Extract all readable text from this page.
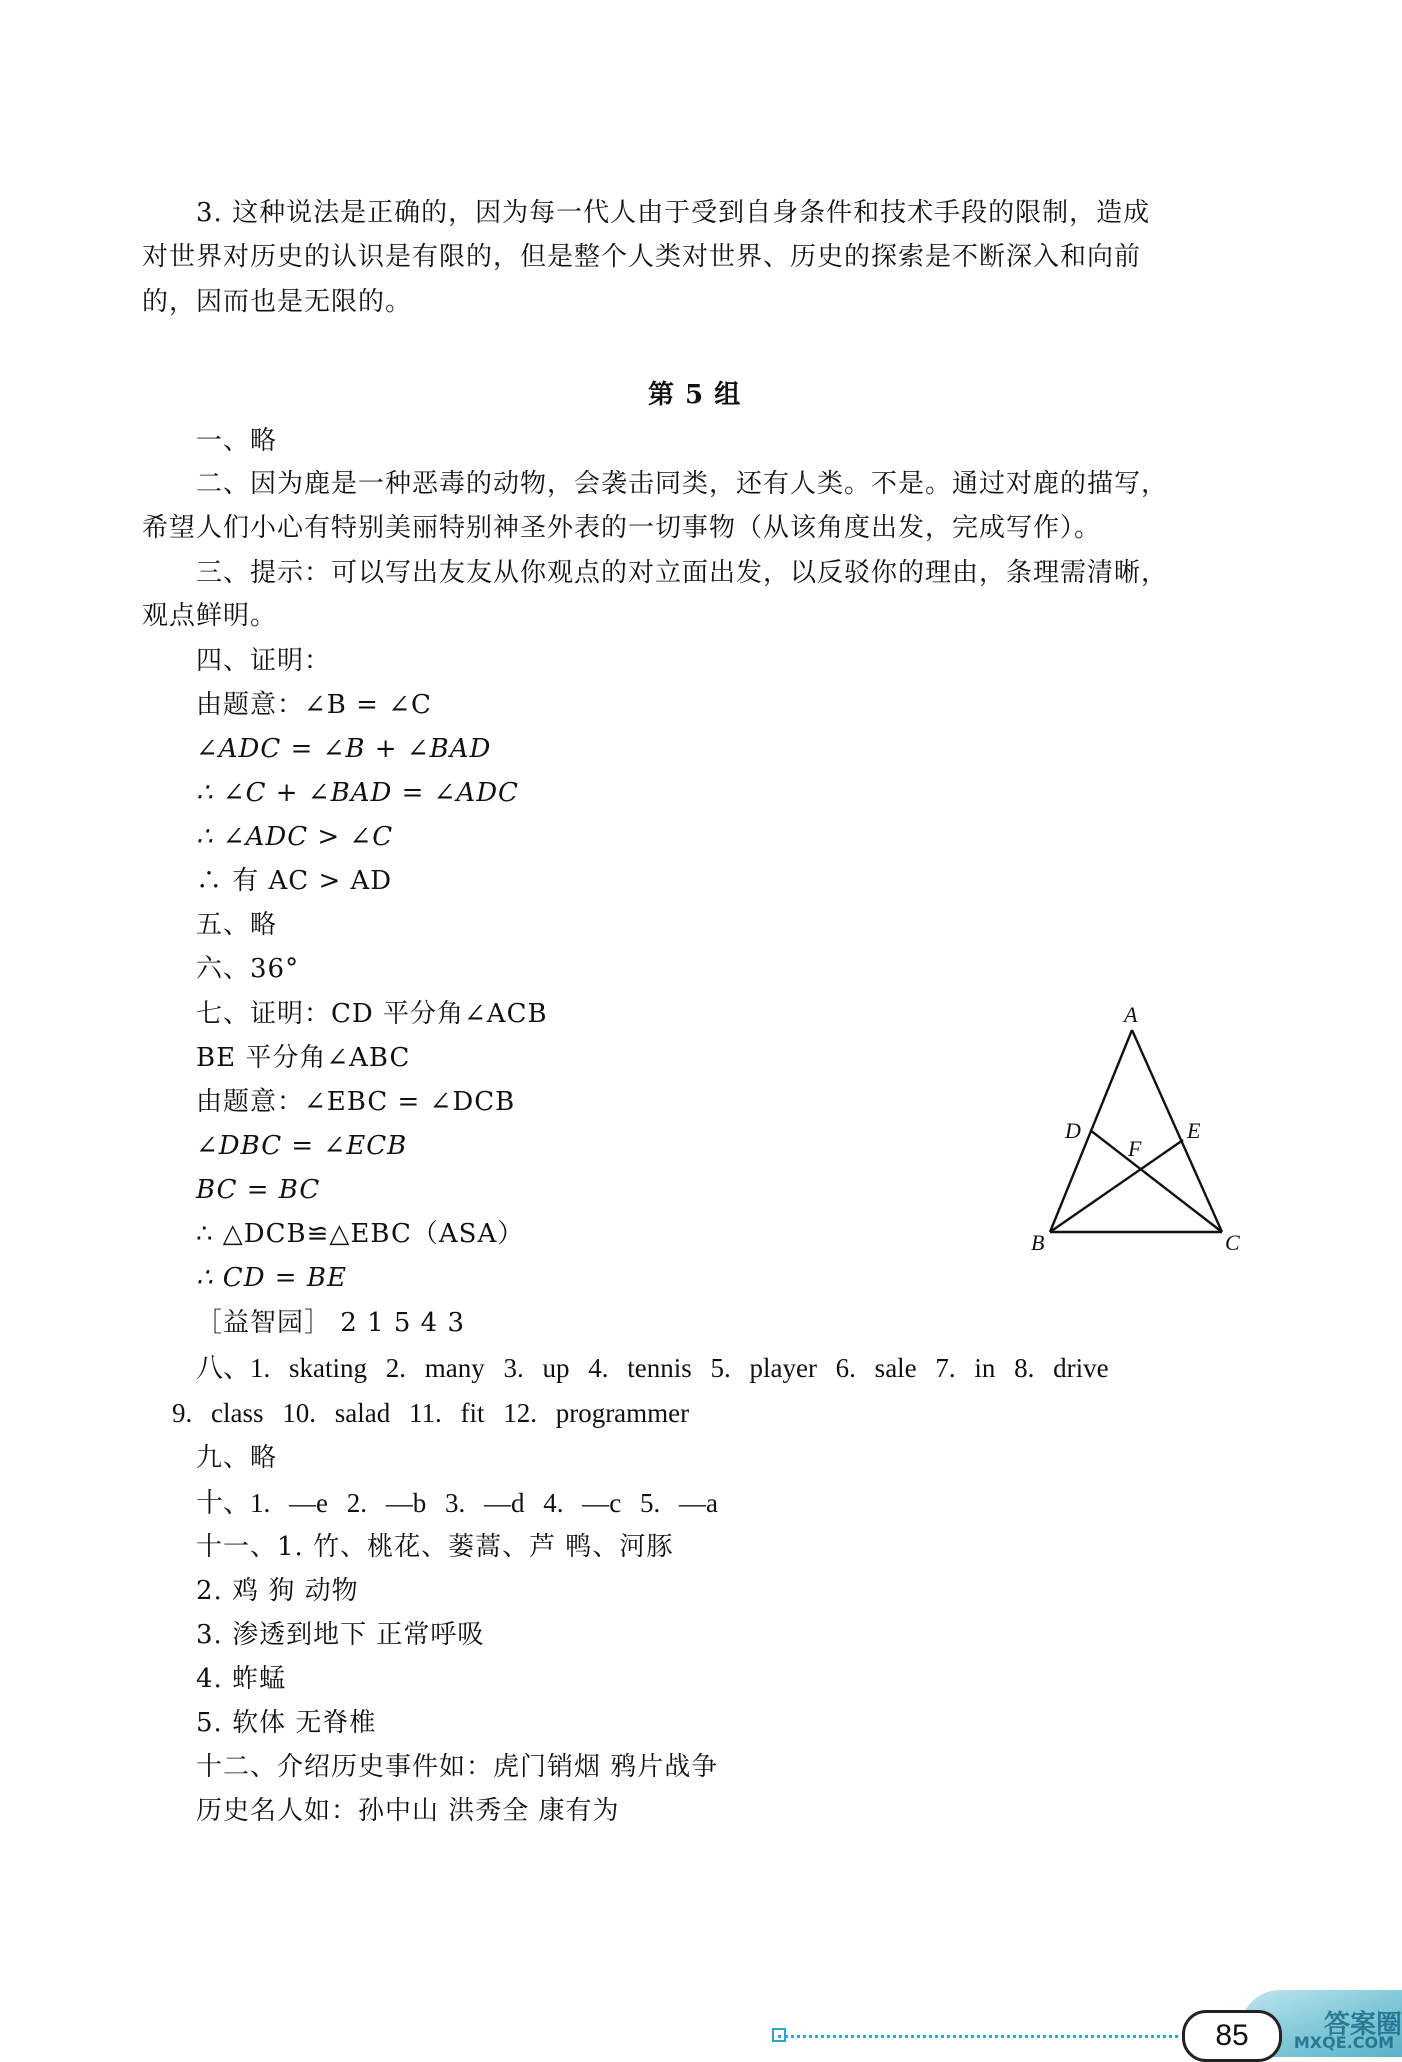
3. 这种说法是正确的，因为每一代人由于受到自身条件和技术手段的限制，造成
对世界对历史的认识是有限的，但是整个人类对世界、历史的探索是不断深入和向前
的，因而也是无限的。
第 5 组
一、略
二、因为鹿是一种恶毒的动物，会袭击同类，还有人类。不是。通过对鹿的描写，
希望人们小心有特别美丽特别神圣外表的一切事物（从该角度出发，完成写作）。
三、提示：可以写出友友从你观点的对立面出发，以反驳你的理由，条理需清晰，
观点鲜明。
四、证明：
由题意：∠B = ∠C
∠ADC = ∠B + ∠BAD
∴ ∠C + ∠BAD = ∠ADC
∴ ∠ADC > ∠C
∴ 有 AC > AD
五、略
六、36°
七、证明：CD 平分角∠ACB
BE 平分角∠ABC
由题意：∠EBC = ∠DCB
∠DBC = ∠ECB
BC = BC
∴ △DCB≌△EBC（ASA）
∴ CD = BE
［益智园］ 2 1 5 4 3
八、1. skating 2. many 3. up 4. tennis 5. player 6. sale 7. in 8. drive
9. class 10. salad 11. fit 12. programmer
九、略
十、1. —e 2. —b 3. —d 4. —c 5. —a
十一、1. 竹、桃花、蒌蒿、芦 鸭、河豚
2. 鸡 狗 动物
3. 渗透到地下 正常呼吸
4. 蚱蜢
5. 软体 无脊椎
十二、介绍历史事件如：虎门销烟 鸦片战争
历史名人如：孙中山 洪秀全 康有为
A
B	C
D	E
F
85	答案圈
MXQE.COM
